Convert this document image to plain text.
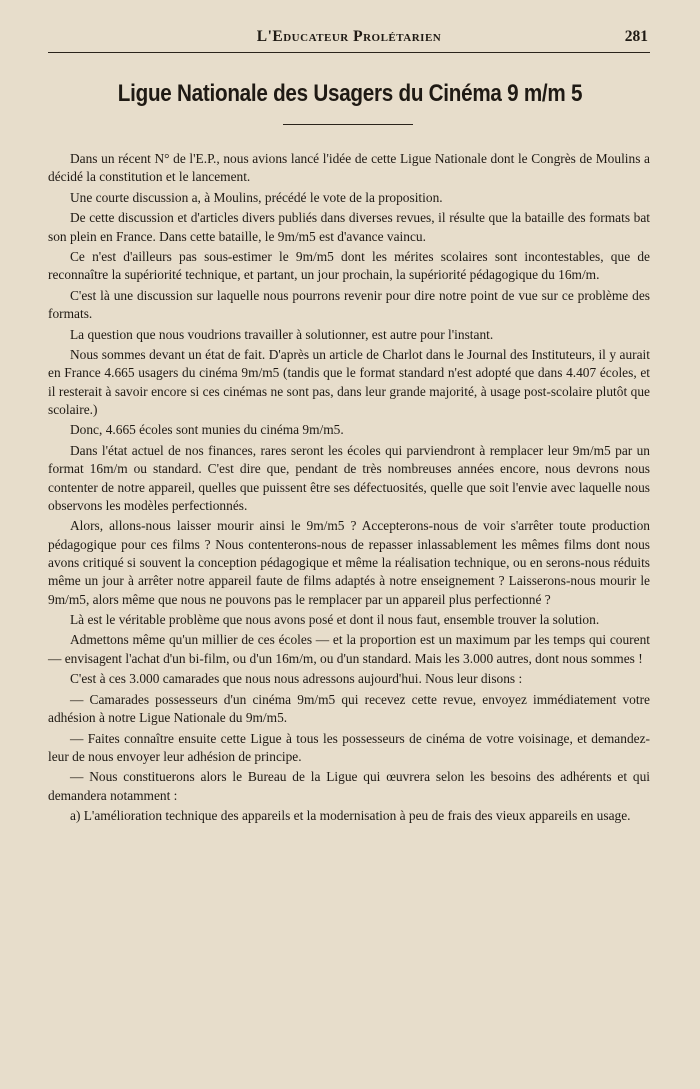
L'Educateur Prolétarien	281
Ligue Nationale des Usagers du Cinéma 9 m/m 5

Dans un récent N° de l'E.P., nous avions lancé l'idée de cette Ligue Nationale dont le Congrès de Moulins a décidé la constitution et le lancement.

Une courte discussion a, à Moulins, précédé le vote de la proposition.

De cette discussion et d'articles divers publiés dans diverses revues, il résulte que la bataille des formats bat son plein en France. Dans cette bataille, le 9m/m5 est d'avance vaincu.

Ce n'est d'ailleurs pas sous-estimer le 9m/m5 dont les mérites scolaires sont incontestables, que de reconnaître la supériorité technique, et partant, un jour prochain, la supériorité pédagogique du 16m/m.

C'est là une discussion sur laquelle nous pourrons revenir pour dire notre point de vue sur ce problème des formats.

La question que nous voudrions travailler à solutionner, est autre pour l'instant.

Nous sommes devant un état de fait. D'après un article de Charlot dans le Journal des Instituteurs, il y aurait en France 4.665 usagers du cinéma 9m/m5 (tandis que le format standard n'est adopté que dans 4.407 écoles, et il resterait à savoir encore si ces cinémas ne sont pas, dans leur grande majorité, à usage post-scolaire plutôt que scolaire.)

Donc, 4.665 écoles sont munies du cinéma 9m/m5.

Dans l'état actuel de nos finances, rares seront les écoles qui parviendront à remplacer leur 9m/m5 par un format 16m/m ou standard. C'est dire que, pendant de très nombreuses années encore, nous devrons nous contenter de notre appareil, quelles que puissent être ses défectuosités, quelle que soit l'envie avec laquelle nous observons les modèles perfectionnés.

Alors, allons-nous laisser mourir ainsi le 9m/m5 ? Accepterons-nous de voir s'arrêter toute production pédagogique pour ces films ? Nous contenterons-nous de repasser inlassablement les mêmes films dont nous avons critiqué si souvent la conception pédagogique et même la réalisation technique, ou en serons-nous réduits même un jour à arrêter notre appareil faute de films adaptés à notre enseignement ? Laisserons-nous mourir le 9m/m5, alors même que nous ne pouvons pas le remplacer par un appareil plus perfectionné ?

Là est le véritable problème que nous avons posé et dont il nous faut, ensemble trouver la solution.

Admettons même qu'un millier de ces écoles — et la proportion est un maximum par les temps qui courent — envisagent l'achat d'un bi-film, ou d'un 16m/m, ou d'un standard. Mais les 3.000 autres, dont nous sommes !

C'est à ces 3.000 camarades que nous nous adressons aujourd'hui. Nous leur disons :

— Camarades possesseurs d'un cinéma 9m/m5 qui recevez cette revue, envoyez immédiatement votre adhésion à notre Ligue Nationale du 9m/m5.

— Faites connaître ensuite cette Ligue à tous les possesseurs de cinéma de votre voisinage, et demandez-leur de nous envoyer leur adhésion de principe.

— Nous constituerons alors le Bureau de la Ligue qui œuvrera selon les besoins des adhérents et qui demandera notamment :

a) L'amélioration technique des appareils et la modernisation à peu de frais des vieux appareils en usage.
